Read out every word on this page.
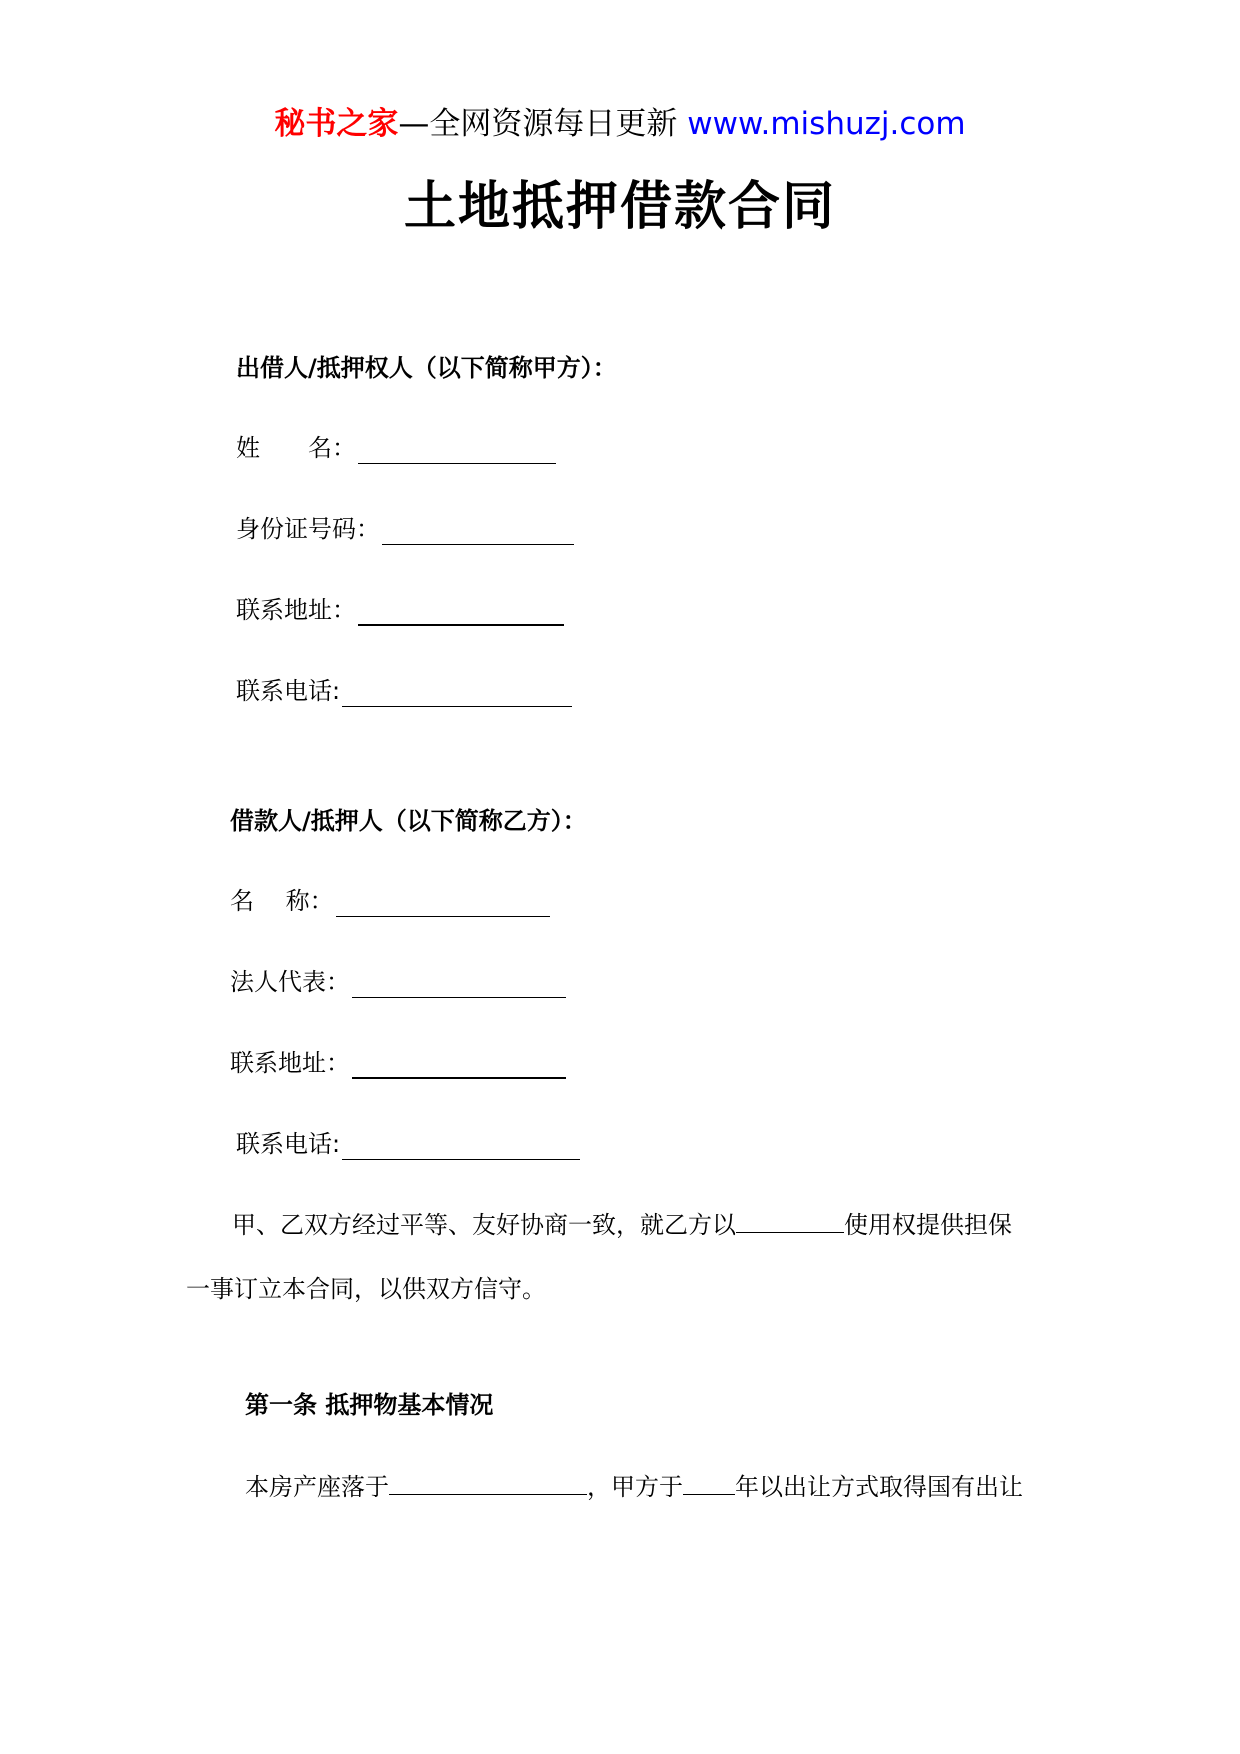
秘书之家—全网资源每日更新 www.mishuzj.com
土地抵押借款合同
出借人/抵押权人（以下简称甲方）：
姓　　名：
身份证号码：
联系地址：
联系电话:
借款人/抵押人（以下简称乙方）：
名　 称：
法人代表：
联系地址：
联系电话:
甲、乙双方经过平等、友好协商一致，就乙方以	使用权提供担保
一事订立本合同，以供双方信守。
第一条 抵押物基本情况
本房产座落于	，甲方于 年以出让方式取得国有出让
